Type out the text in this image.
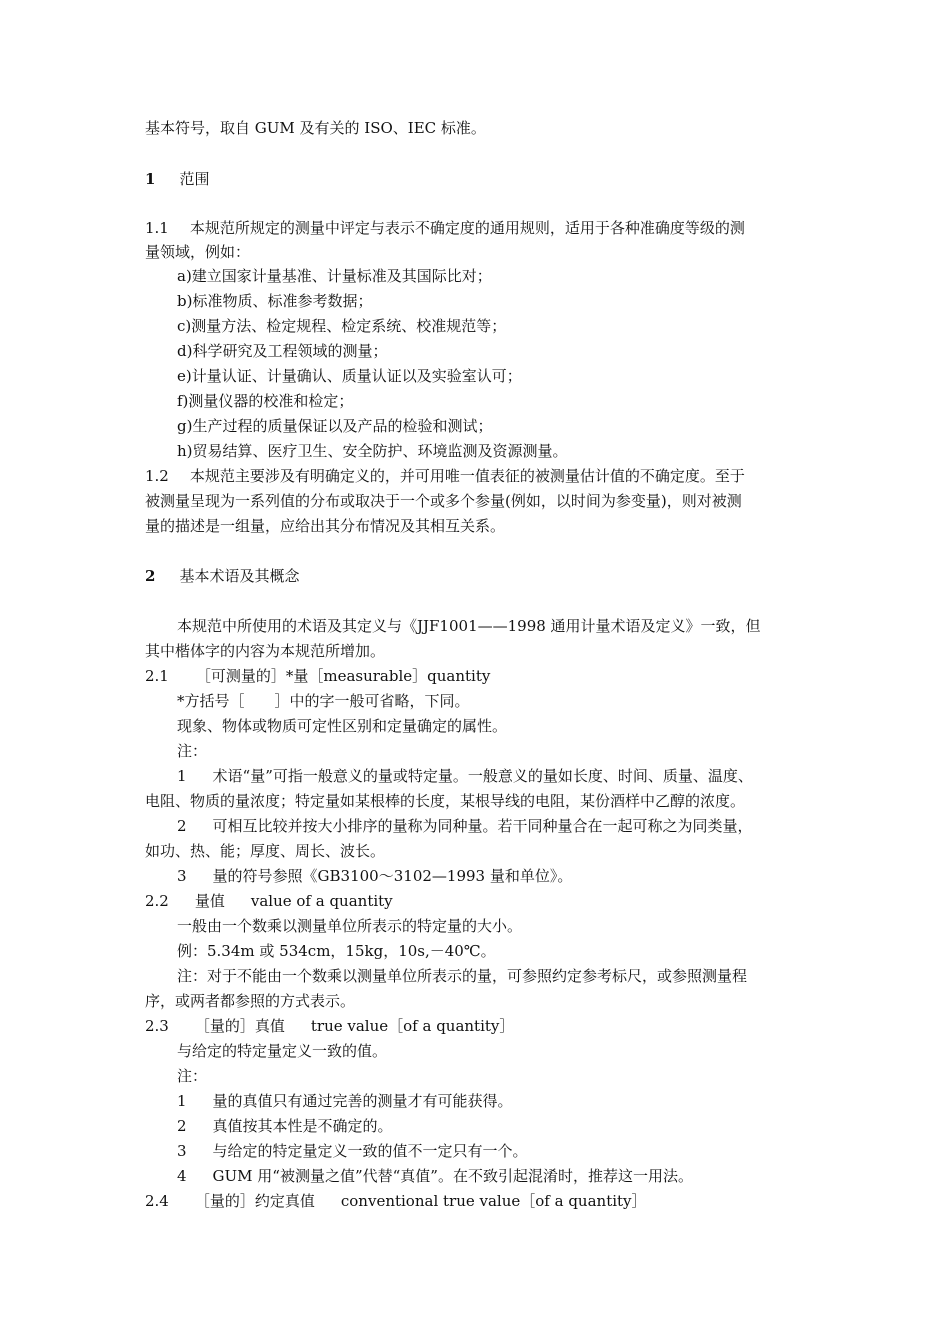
基本符号，取自 GUM 及有关的 ISO、IEC 标准。
1 范围
1.1 本规范所规定的测量中评定与表示不确定度的通用规则，适用于各种准确度等级的测
量领域，例如：
a)建立国家计量基准、计量标准及其国际比对；
b)标准物质、标准参考数据；
c)测量方法、检定规程、检定系统、校准规范等；
d)科学研究及工程领域的测量；
e)计量认证、计量确认、质量认证以及实验室认可；
f)测量仪器的校准和检定；
g)生产过程的质量保证以及产品的检验和测试；
h)贸易结算、医疗卫生、安全防护、环境监测及资源测量。
1.2 本规范主要涉及有明确定义的，并可用唯一值表征的被测量估计值的不确定度。至于
被测量呈现为一系列值的分布或取决于一个或多个参量(例如，以时间为参变量)，则对被测
量的描述是一组量，应给出其分布情况及其相互关系。
2 基本术语及其概念
本规范中所使用的术语及其定义与《JJF1001——1998 通用计量术语及定义》一致，但
其中楷体字的内容为本规范所增加。
2.1 ［可测量的］*量［measurable］quantity
*方括号［　　］中的字一般可省略，下同。
现象、物体或物质可定性区别和定量确定的属性。
注：
1 术语“量”可指一般意义的量或特定量。一般意义的量如长度、时间、质量、温度、
电阻、物质的量浓度；特定量如某根棒的长度，某根导线的电阻，某份酒样中乙醇的浓度。
2 可相互比较并按大小排序的量称为同种量。若干同种量合在一起可称之为同类量，
如功、热、能；厚度、周长、波长。
3 量的符号参照《GB3100～3102—1993 量和单位》。
2.2 量值 value of a quantity
一般由一个数乘以测量单位所表示的特定量的大小。
例：5.34m 或 534cm，15kg，10s,－40℃。
注：对于不能由一个数乘以测量单位所表示的量，可参照约定参考标尺，或参照测量程
序，或两者都参照的方式表示。
2.3 ［量的］真值 true value［of a quantity］
与给定的特定量定义一致的值。
注：
1 量的真值只有通过完善的测量才有可能获得。
2 真值按其本性是不确定的。
3 与给定的特定量定义一致的值不一定只有一个。
4 GUM 用“被测量之值”代替“真值”。在不致引起混淆时，推荐这一用法。
2.4 ［量的］约定真值 conventional true value［of a quantity］
